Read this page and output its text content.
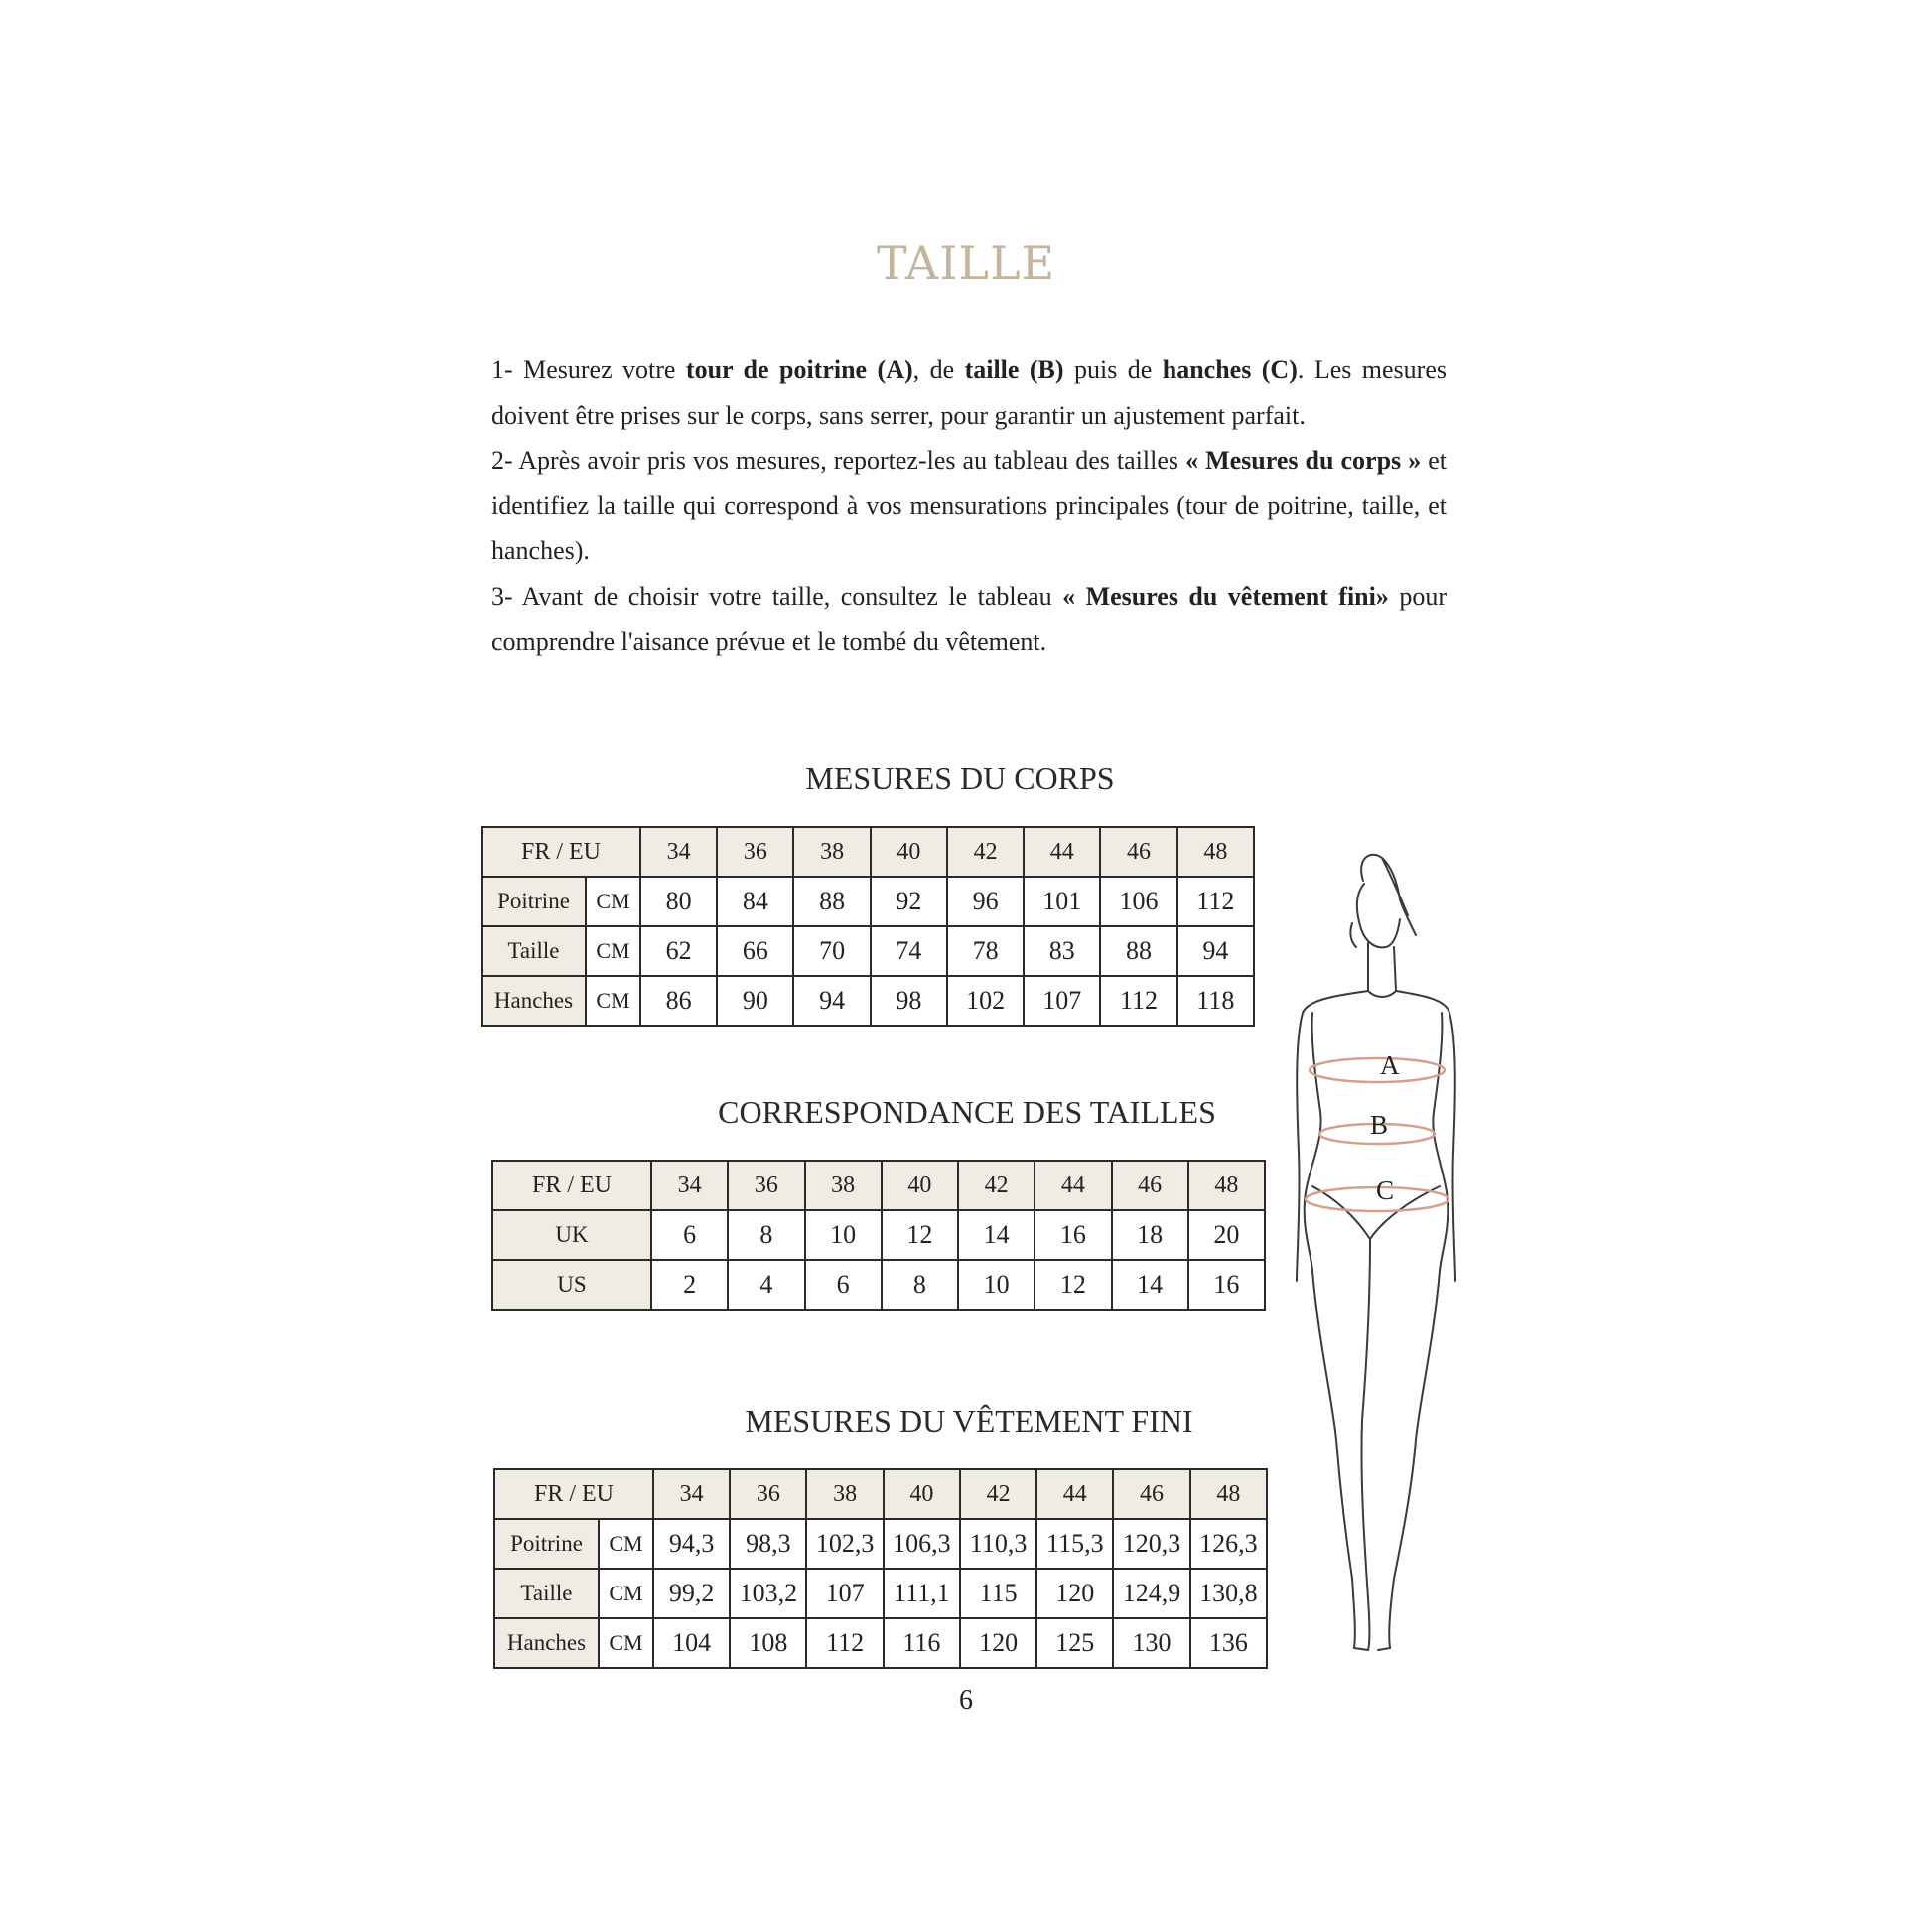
TAILLE

1- Mesurez votre tour de poitrine (A), de taille (B) puis de hanches (C). Les mesures doivent être prises sur le corps, sans serrer, pour garantir un ajustement parfait.

2- Après avoir pris vos mesures, reportez-les au tableau des tailles « Mesures du corps » et identifiez la taille qui correspond à vos mensurations principales (tour de poitrine, taille, et hanches).

3- Avant de choisir votre taille, consultez le tableau « Mesures du vêtement fini» pour comprendre l'aisance prévue et le tombé du vêtement.

MESURES DU CORPS
FR / EU		34	36	38	40	42	44	46	48
Poitrine	CM	80	84	88	92	96	101	106	112
Taille	CM	62	66	70	74	78	83	88	94
Hanches	CM	86	90	94	98	102	107	112	118
CORRESPONDANCE DES TAILLES
FR / EU	34	36	38	40	42	44	46	48
UK	6	8	10	12	14	16	18	20
US	2	4	6	8	10	12	14	16
MESURES DU VÊTEMENT FINI
FR / EU		34	36	38	40	42	44	46	48
Poitrine	CM	94,3	98,3	102,3	106,3	110,3	115,3	120,3	126,3
Taille	CM	99,2	103,2	107	111,1	115	120	124,9	130,8
Hanches	CM	104	108	112	116	120	125	130	136
A
B
C
6
